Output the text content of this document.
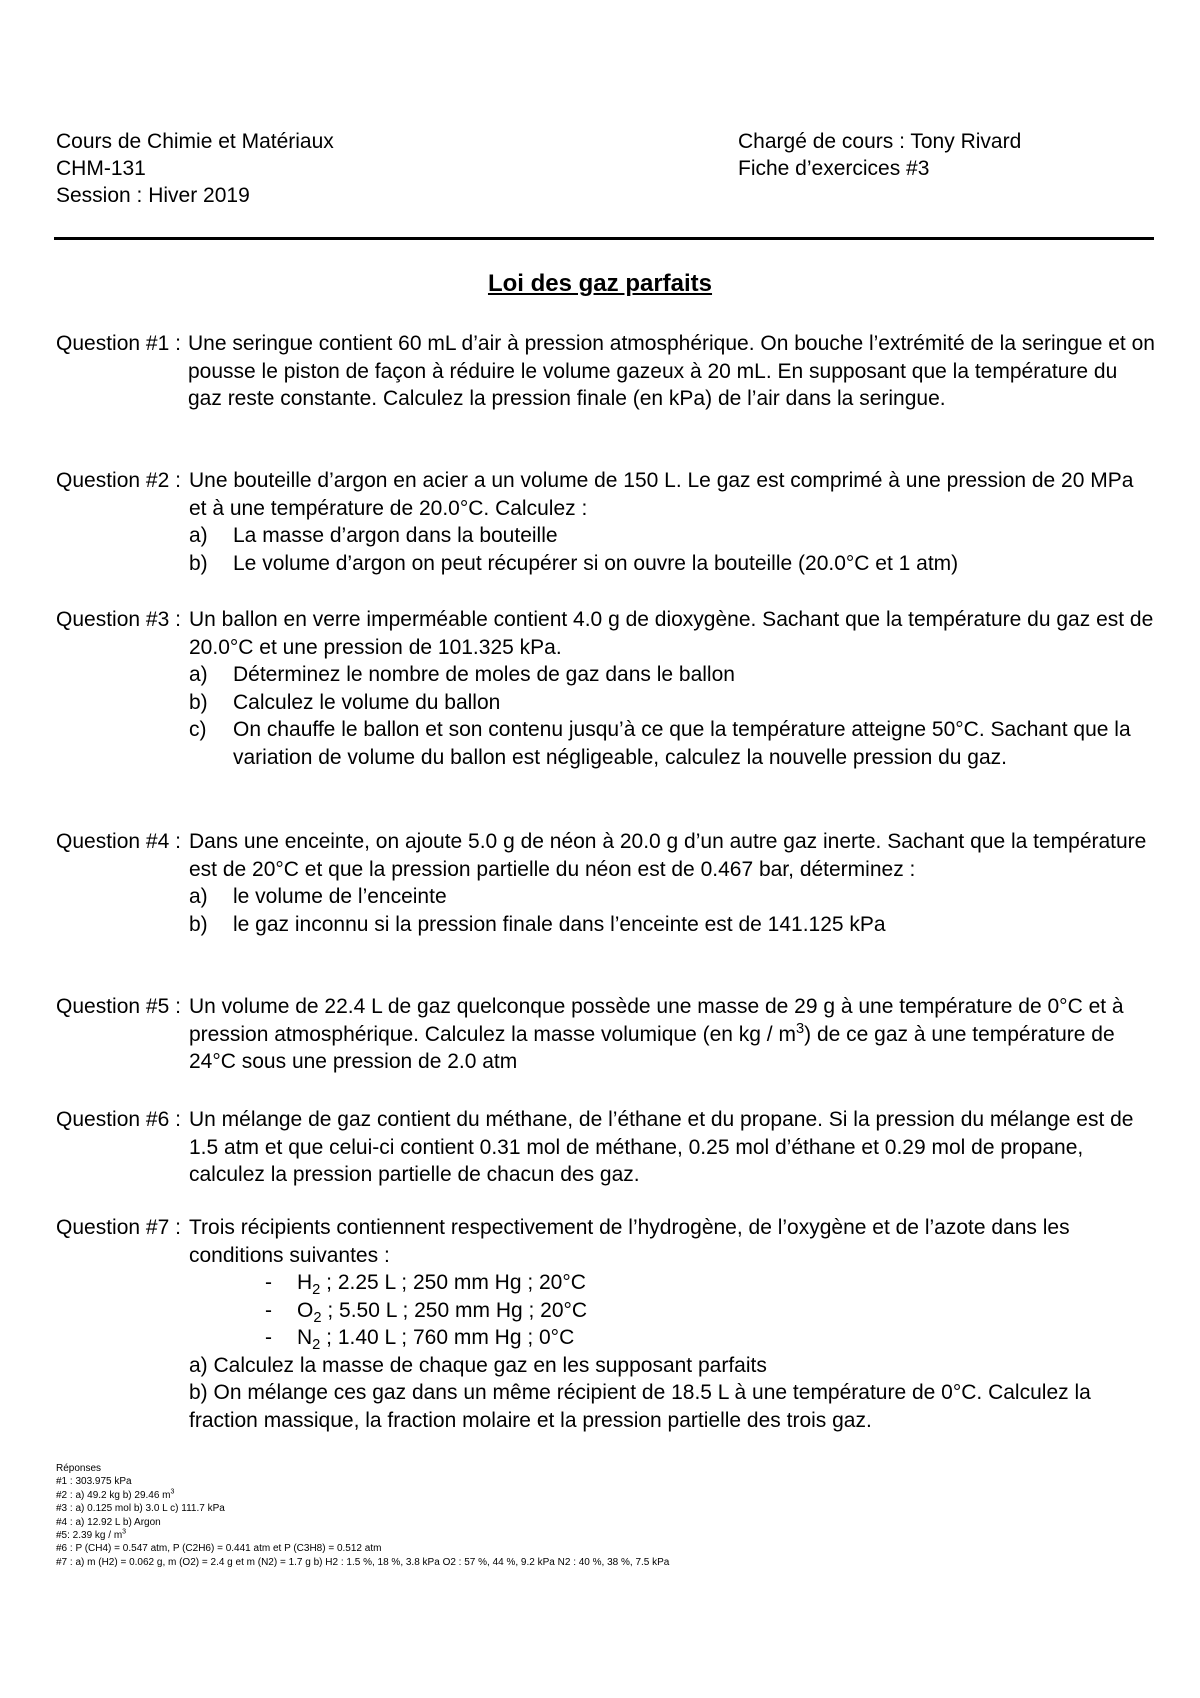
Cours de Chimie et Matériaux
CHM-131
Session : Hiver 2019
Chargé de cours : Tony Rivard
Fiche d’exercices #3
Loi des gaz parfaits
Question #1 : Une seringue contient 60 mL d’air à pression atmosphérique. On bouche l’extrémité de la seringue et on pousse le piston de façon à réduire le volume gazeux à 20 mL. En supposant que la température du gaz reste constante. Calculez la pression finale (en kPa) de l’air dans la seringue.
Question #2 : Une bouteille d’argon en acier a un volume de 150 L. Le gaz est comprimé à une pression de 20 MPa et à une température de 20.0°C. Calculez :
a)	La masse d’argon dans la bouteille
b)	Le volume d’argon on peut récupérer si on ouvre la bouteille (20.0°C et 1 atm)
Question #3 : Un ballon en verre imperméable contient 4.0 g de dioxygène. Sachant que la température du gaz est de 20.0°C et une pression de 101.325 kPa.
a)	Déterminez le nombre de moles de gaz dans le ballon
b)	Calculez le volume du ballon
c)	On chauffe le ballon et son contenu jusqu’à ce que la température atteigne 50°C. Sachant que la variation de volume du ballon est négligeable, calculez la nouvelle pression du gaz.
Question #4 : Dans une enceinte, on ajoute 5.0 g de néon à 20.0 g d’un autre gaz inerte. Sachant que la température est de 20°C et que la pression partielle du néon est de 0.467 bar, déterminez :
a)	le volume de l’enceinte
b)	le gaz inconnu si la pression finale dans l’enceinte est de 141.125 kPa
Question #5 : Un volume de 22.4 L de gaz quelconque possède une masse de 29 g à une température de 0°C et à pression atmosphérique. Calculez la masse volumique (en kg / $m^3$) de ce gaz à une température de 24°C sous une pression de 2.0 atm
Question #6 : Un mélange de gaz contient du méthane, de l’éthane et du propane. Si la pression du mélange est de 1.5 atm et que celui-ci contient 0.31 mol de méthane, 0.25 mol d’éthane et 0.29 mol de propane, calculez la pression partielle de chacun des gaz.
Question #7 : Trois récipients contiennent respectivement de l’hydrogène, de l’oxygène et de l’azote dans les conditions suivantes :
-	$H_2$ ; 2.25 L ; 250 mm Hg ; 20°C
-	$O_2$ ; 5.50 L ; 250 mm Hg ; 20°C
-	$N_2$ ; 1.40 L ; 760 mm Hg ; 0°C
a) Calculez la masse de chaque gaz en les supposant parfaits
b) On mélange ces gaz dans un même récipient de 18.5 L à une température de 0°C. Calculez la fraction massique, la fraction molaire et la pression partielle des trois gaz.
Réponses
#1 : 303.975 kPa
#2 : a) 49.2 kg b) 29.46 $m^3$
#3 : a) 0.125 mol b) 3.0 L c) 111.7 kPa
#4 : a) 12.92 L b) Argon
#5: 2.39 kg / $m^3$
#6 : P (CH4) = 0.547 atm, P (C2H6) = 0.441 atm et P (C3H8) = 0.512 atm
#7 : a) m (H2) = 0.062 g, m (O2) = 2.4 g et m (N2) = 1.7 g b) H2 : 1.5 %, 18 %, 3.8 kPa O2 : 57 %, 44 %, 9.2 kPa N2 : 40 %, 38 %, 7.5 kPa
